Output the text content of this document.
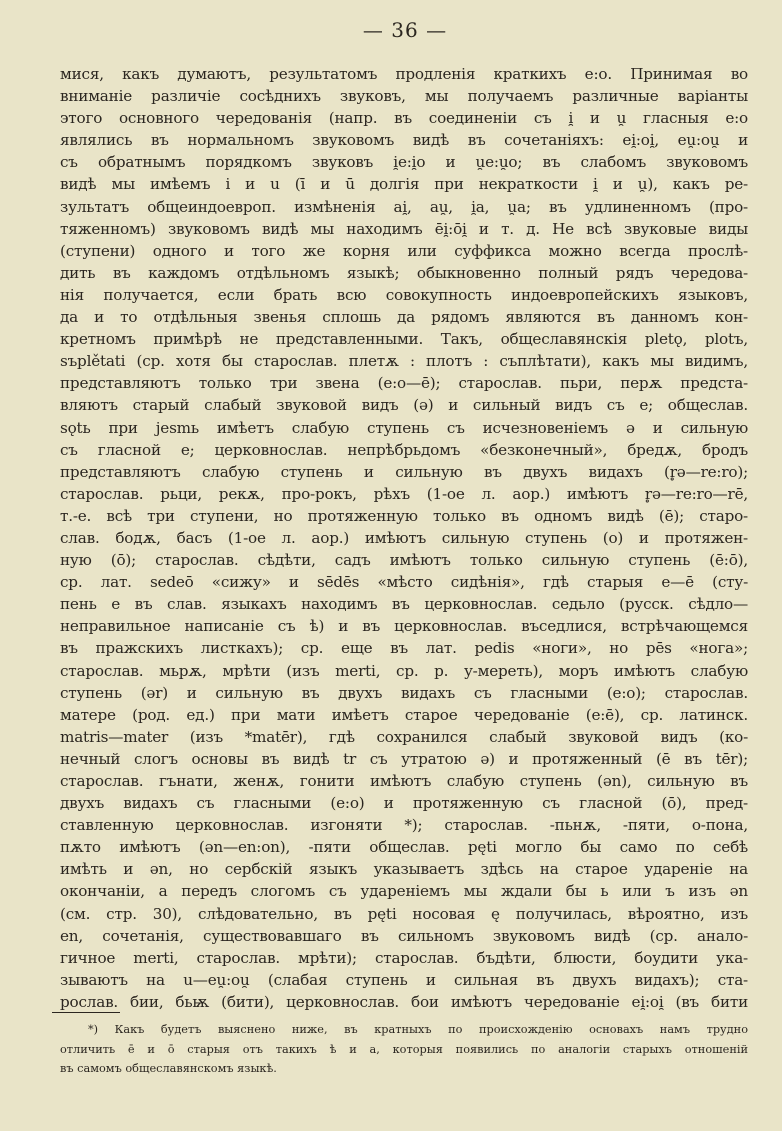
— 36 —
мися, какъ думаютъ, результатомъ продленія краткихъ е:о. Принимая во
вниманіе различіе сосѣднихъ звуковъ, мы получаемъ различные варіанты
этого основного чередованія (напр. въ соединеніи съ i̯ и u̯ гласныя е:о
являлись въ нормальномъ звуковомъ видѣ въ сочетаніяхъ: ei̯:oi̯, eu̯:ou̯ и
съ обратнымъ порядкомъ звуковъ i̯e:i̯o и u̯e:u̯o; въ слабомъ звуковомъ
видѣ мы имѣемъ i и u (ī и ū долгія при некраткости i̯ и u̯), какъ ре-
зультатъ общеиндоевроп. измѣненія ai̯, au̯, i̯a, u̯a; въ удлиненномъ (про-
тяженномъ) звуковомъ видѣ мы находимъ ēi̯:ōi̯ и т. д. Не всѣ звуковые виды
(ступени) одного и того же корня или суффикса можно всегда прослѣ-
дить въ каждомъ отдѣльномъ языкѣ; обыкновенно полный рядъ чередова-
нія получается, если брать всю совокупность индоевропейскихъ языковъ,
да и то отдѣльныя звенья сплошь да рядомъ являются въ данномъ кон-
кретномъ примѣрѣ не представленными. Такъ, общеславянскія pletǫ, plotъ,
sъplětati (ср. хотя бы старослав. плетѫ : плотъ : съплѣтати), какъ мы видимъ,
представляютъ только три звена (е:о—ē); старослав. пьри, перѫ предста-
вляютъ старый слабый звуковой видъ (ə) и сильный видъ съ е; общеслав.
sǫtь при jesmь имѣетъ слабую ступень съ исчезновеніемъ ə и сильную
съ гласной е; церковнослав. непрѣбрьдомъ «безконечный», бредѫ, бродъ
представляютъ слабую ступень и сильную въ двухъ видахъ (r̥ə—re:ro);
старослав. рьци, рекѫ, про-рокъ, рѣхъ (1-ое л. аор.) имѣютъ r̥ə—re:ro—rē,
т.-е. всѣ три ступени, но протяженную только въ одномъ видѣ (ē); старо-
слав. бодѫ, басъ (1-ое л. аор.) имѣютъ сильную ступень (о) и протяжен-
ную (ō); старослав. сѣдѣти, садъ имѣютъ только сильную ступень (ē:ō),
ср. лат. sedeō «сижу» и sēdēs «мѣсто сидѣнія», гдѣ старыя е—ē (сту-
пень е въ слав. языкахъ находимъ въ церковнослав. седьло (русск. сѣдло—
неправильное написаніе съ ѣ) и въ церковнослав. въседлися, встрѣчающемся
въ пражскихъ листкахъ); ср. еще въ лат. pedis «ноги», но pēs «нога»;
старослав. мьрѫ, мрѣти (изъ merti, ср. р. у-мереть), моръ имѣютъ слабую
ступень (ər) и сильную въ двухъ видахъ съ гласными (е:о); старослав.
матере (род. ед.) при мати имѣетъ старое чередованіе (е:ē), ср. латинск.
matris—mater (изъ *matēr), гдѣ сохранился слабый звуковой видъ (ко-
нечный слогъ основы въ видѣ tr съ утратою ə) и протяженный (ē въ tēr);
старослав. гънати, женѫ, гонити имѣютъ слабую ступень (ən), сильную въ
двухъ видахъ съ гласными (е:о) и протяженную съ гласной (ō), пред-
ставленную церковнослав. изгоняти *); старослав. -пьнѫ, -пяти, о-пона,
пѫто имѣютъ (ən—en:on), -пяти общеслав. pęti могло бы само по себѣ
имѣть и ən, но сербскій языкъ указываетъ здѣсь на старое удареніе на
окончаніи, а передъ слогомъ съ удареніемъ мы ждали бы ь или ъ изъ ən
(см. стр. 30), слѣдовательно, въ pęti носовая ę получилась, вѣроятно, изъ
en, сочетанія, существовавшаго въ сильномъ звуковомъ видѣ (ср. анало-
гичное merti, старослав. мрѣти); старослав. бъдѣти, блюсти, боудити ука-
зываютъ на u—eu̯:ou̯ (слабая ступень и сильная въ двухъ видахъ); ста-
рослав. бии, бьѭ (бити), церковнослав. бои имѣютъ чередованіе ei̯:oi̯ (въ бити
*) Какъ будетъ выяснено ниже, въ кратныхъ по происхожденію основахъ намъ трудно
отличить ē и ō старыя отъ такихъ ѣ и а, которыя появились по аналогіи старыхъ отношеній
въ самомъ общеславянскомъ языкѣ.
